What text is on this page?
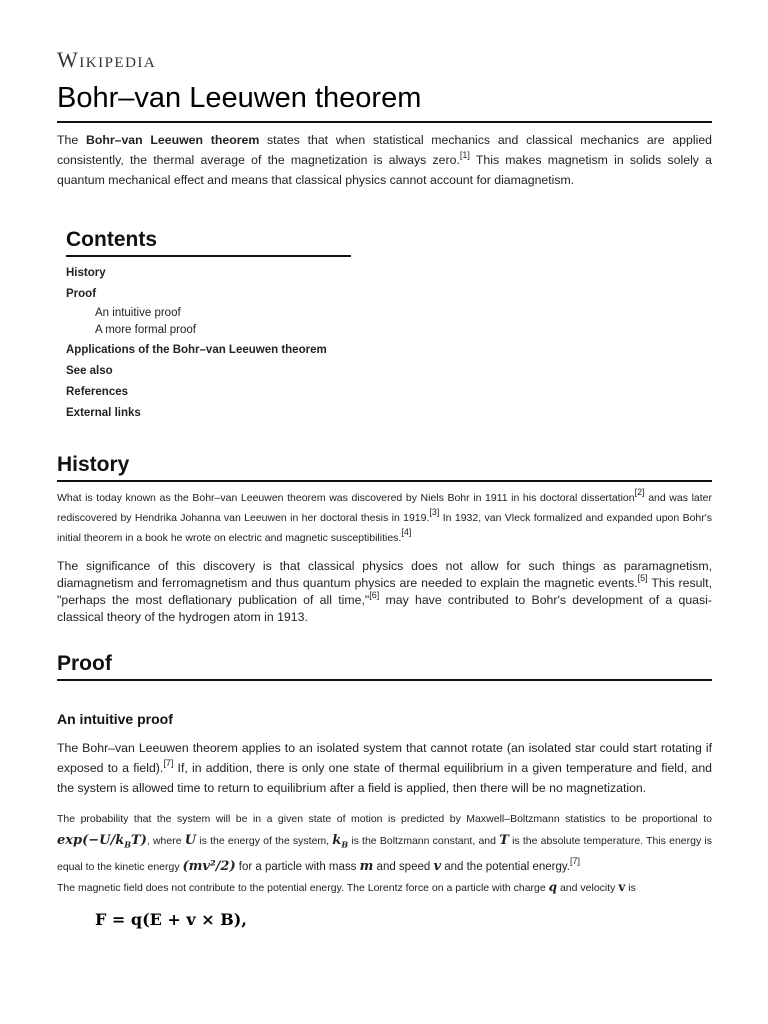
Wikipedia
Bohr–van Leeuwen theorem

The Bohr–van Leeuwen theorem states that when statistical mechanics and classical mechanics are applied consistently, the thermal average of the magnetization is always zero.[1] This makes magnetism in solids solely a quantum mechanical effect and means that classical physics cannot account for diamagnetism.

Contents
History
Proof
An intuitive proof
A more formal proof
Applications of the Bohr–van Leeuwen theorem
See also
References
External links
History

What is today known as the Bohr–van Leeuwen theorem was discovered by Niels Bohr in 1911 in his doctoral dissertation[2] and was later rediscovered by Hendrika Johanna van Leeuwen in her doctoral thesis in 1919.[3] In 1932, van Vleck formalized and expanded upon Bohr's initial theorem in a book he wrote on electric and magnetic susceptibilities.[4]

The significance of this discovery is that classical physics does not allow for such things as paramagnetism, diamagnetism and ferromagnetism and thus quantum physics are needed to explain the magnetic events.[5] This result, "perhaps the most deflationary publication of all time,"[6] may have contributed to Bohr's development of a quasi-classical theory of the hydrogen atom in 1913.

Proof
An intuitive proof

The Bohr–van Leeuwen theorem applies to an isolated system that cannot rotate (an isolated star could start rotating if exposed to a field).[7] If, in addition, there is only one state of thermal equilibrium in a given temperature and field, and the system is allowed time to return to equilibrium after a field is applied, then there will be no magnetization.

The probability that the system will be in a given state of motion is predicted by Maxwell–Boltzmann statistics to be proportional to $\exp(-U/k_BT)$, where U is the energy of the system, $k_B$ is the Boltzmann constant, and T is the absolute temperature. This energy is equal to the kinetic energy (mv²/2) for a particle with mass m and speed v and the potential energy.[7]

The magnetic field does not contribute to the potential energy. The Lorentz force on a particle with charge q and velocity v is

F = q(E + v × B),
